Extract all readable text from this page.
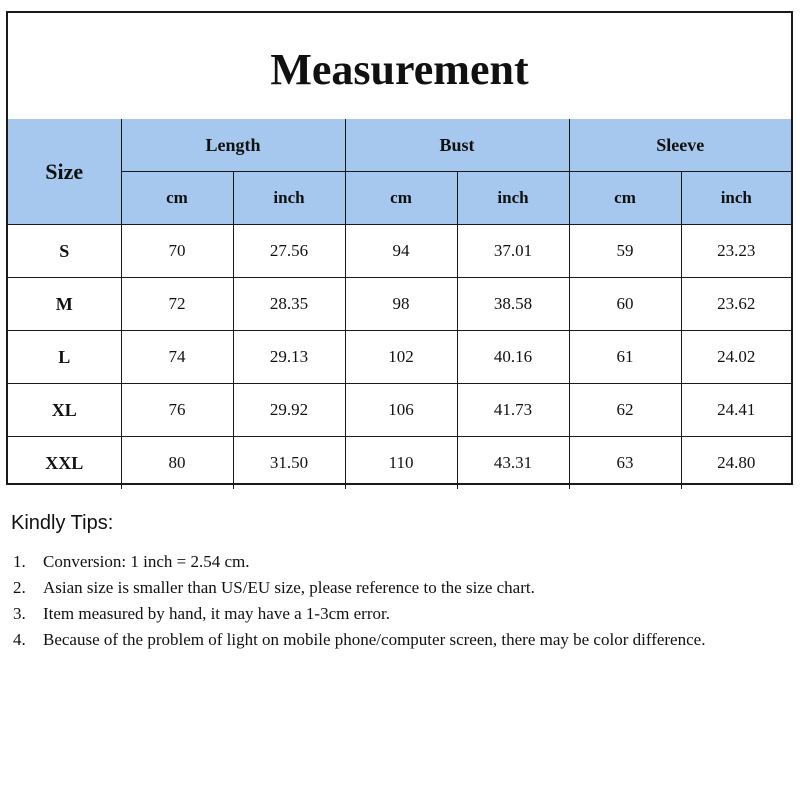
Measurement
Size	Length		Bust		Sleeve	
	cm	inch	cm	inch	cm	inch
S	70	27.56	94	37.01	59	23.23
M	72	28.35	98	38.58	60	23.62
L	74	29.13	102	40.16	61	24.02
XL	76	29.92	106	41.73	62	24.41
XXL	80	31.50	110	43.31	63	24.80

Kindly Tips:

1. Conversion: 1 inch = 2.54 cm.
2. Asian size is smaller than US/EU size, please reference to the size chart.
3. Item measured by hand, it may have a 1-3cm error.
4. Because of the problem of light on mobile phone/computer screen, there may be color difference.
